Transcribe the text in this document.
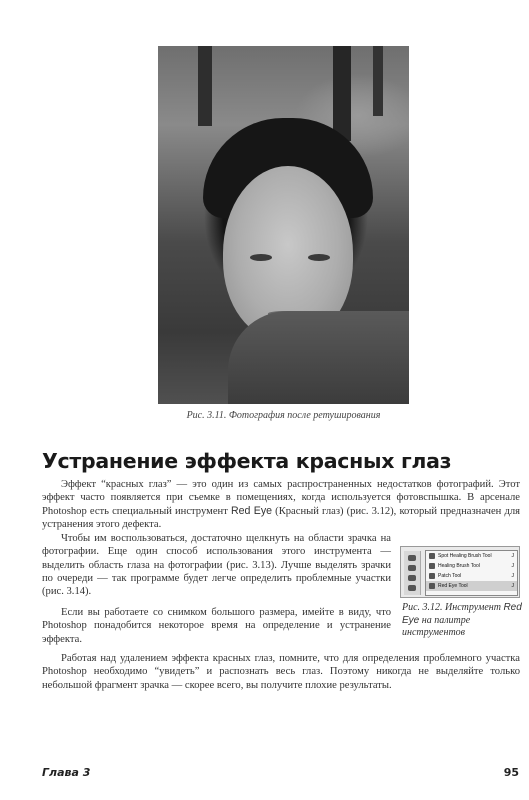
Рис. 3.11. Фотография после ретуширования
Устранение эффекта красных глаз

Эффект “красных глаз” — это один из самых распространенных недостатков фотографий. Этот эффект часто появляется при съемке в помещениях, когда используется фотовспышка. В арсенале Photoshop есть специальный инструмент Red Eye (Красный глаз) (рис. 3.12), который предназначен для устранения этого дефекта.

Чтобы им воспользоваться, достаточно щелкнуть на области зрачка на фотографии. Еще один способ использования этого инструмента — выделить область глаза на фотографии (рис. 3.13). Лучше выделять зрачки по очереди — так программе будет легче определить проблемные участки (рис. 3.14).

Если вы работаете со снимком большого размера, имейте в виду, что Photoshop понадобится некоторое время на определение и устранение эффекта.

Работая над удалением эффекта красных глаз, помните, что для определения проблемного участка Photoshop необходимо “увидеть” и распознать весь глаз. Поэтому никогда не выделяйте только небольшой фрагмент зрачка — скорее всего, вы получите плохие результаты.

Spot Healing Brush Tool	J
Healing Brush Tool	J
Patch Tool	J
Red Eye Tool	J
Рис. 3.12. Инструмент Red Eye на палитре инструментов
Глава 3	95
